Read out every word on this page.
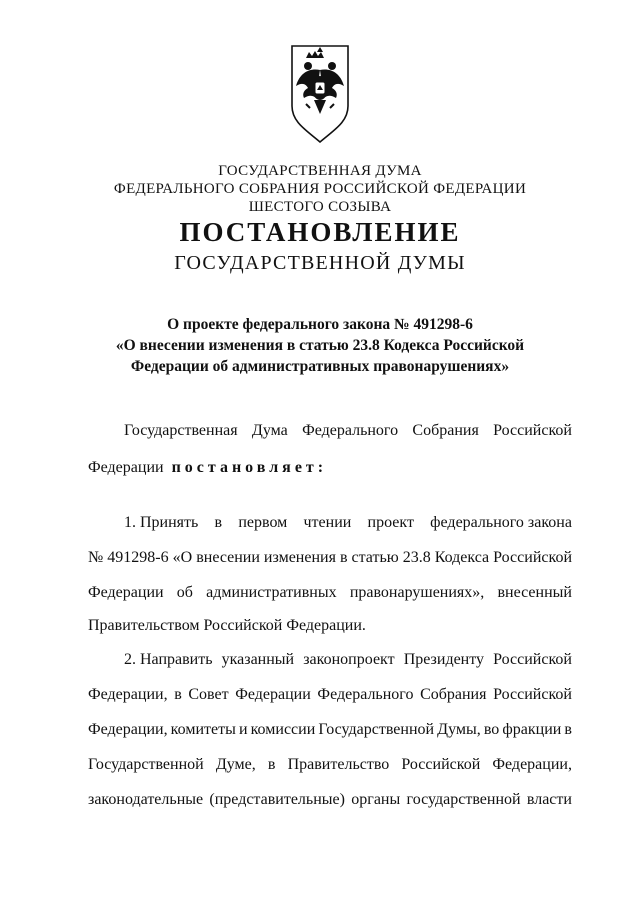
ГОСУДАРСТВЕННАЯ ДУМА
ФЕДЕРАЛЬНОГО СОБРАНИЯ РОССИЙСКОЙ ФЕДЕРАЦИИ
ШЕСТОГО СОЗЫВА
ПОСТАНОВЛЕНИЕ
ГОСУДАРСТВЕННОЙ ДУМЫ
О проекте федерального закона № 491298-6
«О внесении изменения в статью 23.8 Кодекса Российской
Федерации об административных правонарушениях»
Государственная Дума Федерального Собрания Российской
Федерации постановляет:
1. Принять в первом чтении проект федерального закона
№ 491298-6 «О внесении изменения в статью 23.8 Кодекса Российской
Федерации об административных правонарушениях», внесенный
Правительством Российской Федерации.
2. Направить указанный законопроект Президенту Российской
Федерации, в Совет Федерации Федерального Собрания Российской
Федерации, комитеты и комиссии Государственной Думы, во фракции в
Государственной Думе, в Правительство Российской Федерации,
законодательные (представительные) органы государственной власти
